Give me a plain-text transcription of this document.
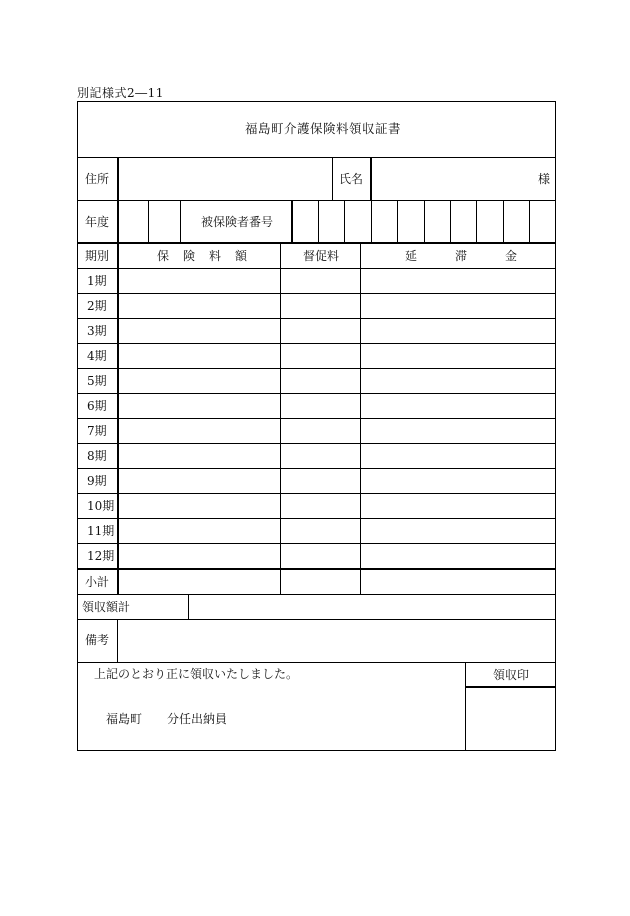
別記様式2―11
福島町介護保険料領収証書
住所	氏名	様
年度	被保険者番号
期別	保険料額	督促料	延滞金
1期
2期
3期
4期
5期
6期
7期
8期
9期
10期
11期
12期
小計
領収額計
備考
上記のとおり正に領収いたしました。	領収印
福島町 分任出納員
